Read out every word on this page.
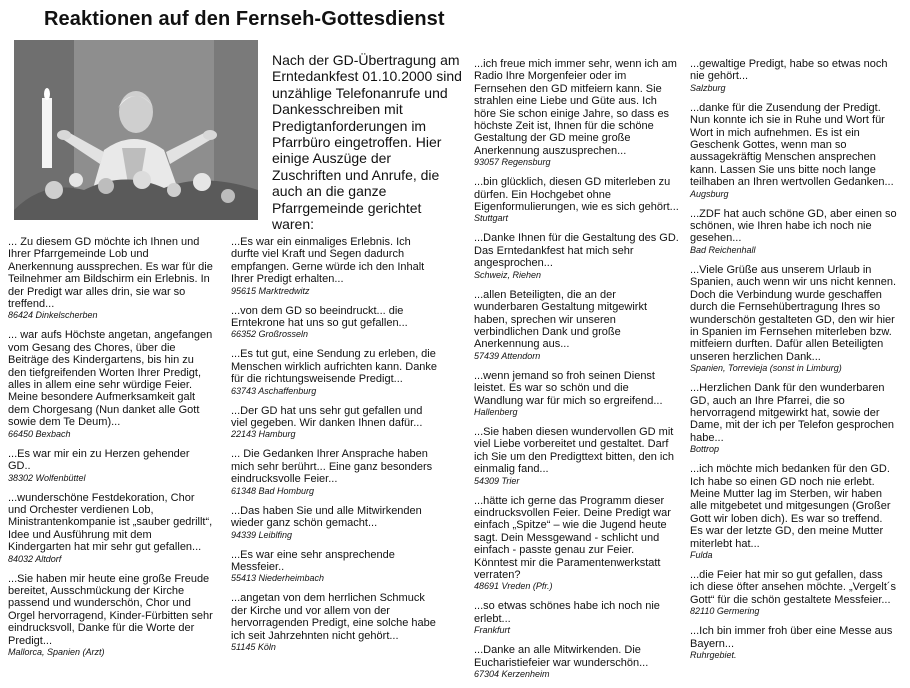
Reaktionen auf den Fernseh-Gottesdienst
Nach der GD-Übertragung am Erntedankfest 01.10.2000 sind unzählige Telefonanrufe und Dankesschreiben mit Predigtanforderungen im Pfarrbüro eingetroffen. Hier einige Auszüge der Zuschriften und Anrufe, die auch an die ganze Pfarrgemeinde gerichtet waren:
... Zu diesem GD möchte ich Ihnen und Ihrer Pfarrgemeinde Lob und Anerkennung aussprechen. Es war für die Teilnehmer am Bildschirm ein Erlebnis. In der Predigt war alles drin, sie war so treffend...
86424 Dinkelscherben
... war aufs Höchste angetan, angefangen vom Gesang des Chores, über die Beiträge des Kindergartens, bis hin zu den tiefgreifenden Worten Ihrer Predigt, alles in allem eine sehr würdige Feier. Meine besondere Aufmerksamkeit galt dem Chorgesang (Nun danket alle Gott sowie dem Te Deum)...
66450 Bexbach
...Es war mir ein zu Herzen gehender GD..
38302 Wolfenbüttel
...wunderschöne Festdekoration, Chor und Orchester verdienen Lob, Ministrantenkompanie ist „sauber gedrillt“, Idee und Ausführung mit dem Kindergarten hat mir sehr gut gefallen...
84032 Altdorf
...Sie haben mir heute eine große Freude bereitet, Ausschmückung der Kirche passend und wunderschön, Chor und Orgel hervorragend, Kinder-Fürbitten sehr eindrucksvoll, Danke für die Worte der Predigt...
Mallorca, Spanien (Arzt)
...Es war ein einmaliges Erlebnis. Ich durfte viel Kraft und Segen dadurch empfangen. Gerne würde ich den Inhalt Ihrer Predigt erhalten...
95615 Marktredwitz
...von dem GD so beeindruckt... die Erntekrone hat uns so gut gefallen...
66352 Großrosseln
...Es tut gut, eine Sendung zu erleben, die Menschen wirklich aufrichten kann. Danke für die richtungsweisende Predigt...
63743 Aschaffenburg
...Der GD hat uns sehr gut gefallen und viel gegeben. Wir danken Ihnen dafür...
22143 Hamburg
... Die Gedanken Ihrer Ansprache haben mich sehr berührt... Eine ganz besonders eindrucksvolle Feier...
61348 Bad Homburg
...Das haben Sie und alle Mitwirkenden wieder ganz schön gemacht...
94339 Leiblfing
...Es war eine sehr ansprechende Messfeier..
55413 Niederheimbach
...angetan von dem herrlichen Schmuck der Kirche und vor allem von der hervorragenden Predigt, eine solche habe ich seit Jahrzehnten nicht gehört...
51145 Köln
...ich freue mich immer sehr, wenn ich am Radio Ihre Morgenfeier oder im Fernsehen den GD mitfeiern kann. Sie strahlen eine Liebe und Güte aus. Ich höre Sie schon einige Jahre, so dass es höchste Zeit ist, Ihnen für die schöne Gestaltung der GD meine große Anerkennung auszusprechen...
93057 Regensburg
...bin glücklich, diesen GD miterleben zu dürfen. Ein Hochgebet ohne Eigenformulierungen, wie es sich gehört...
Stuttgart
...Danke Ihnen für die Gestaltung des GD. Das Erntedankfest hat mich sehr angesprochen...
Schweiz, Riehen
...allen Beteiligten, die an der wunderbaren Gestaltung mitgewirkt haben, sprechen wir unseren verbindlichen Dank und große Anerkennung aus...
57439 Attendorn
...wenn jemand so froh seinen Dienst leistet. Es war so schön und die Wandlung war für mich so ergreifend...
Hallenberg
...Sie haben diesen wundervollen GD mit viel Liebe vorbereitet und gestaltet. Darf ich Sie um den Predigttext bitten, den ich einmalig fand...
54309 Trier
...hätte ich gerne das Programm dieser eindrucksvollen Feier. Deine Predigt war einfach „Spitze“ – wie die Jugend heute sagt. Dein Messgewand - schlicht und einfach - passte genau zur Feier. Könntest mir die Paramentenwerkstatt verraten?
48691 Vreden (Pfr.)
...so etwas schönes habe ich noch nie erlebt...
Frankfurt
...Danke an alle Mitwirkenden. Die Eucharistiefeier war wunderschön...
67304 Kerzenheim
...gewaltige Predigt, habe so etwas noch nie gehört...
Salzburg
...danke für die Zusendung der Predigt. Nun konnte ich sie in Ruhe und Wort für Wort in mich aufnehmen. Es ist ein Geschenk Gottes, wenn man so aussagekräftig Menschen ansprechen kann. Lassen Sie uns bitte noch lange teilhaben an Ihren wertvollen Gedanken...
Augsburg
...ZDF hat auch schöne GD, aber einen so schönen, wie Ihren habe ich noch nie gesehen...
Bad Reichenhall
...Viele Grüße aus unserem Urlaub in Spanien, auch wenn wir uns nicht kennen. Doch die Verbindung wurde geschaffen durch die Fernsehübertragung Ihres so wunderschön gestalteten GD, den wir hier in Spanien im Fernsehen miterleben bzw. mitfeiern durften. Dafür allen Beteiligten unseren herzlichen Dank...
Spanien, Torrevieja (sonst in Limburg)
...Herzlichen Dank für den wunderbaren GD, auch an Ihre Pfarrei, die so hervorragend mitgewirkt hat, sowie der Dame, mit der ich per Telefon gesprochen habe...
Bottrop
...ich möchte mich bedanken für den GD. Ich habe so einen GD noch nie erlebt. Meine Mutter lag im Sterben, wir haben alle mitgebetet und mitgesungen (Großer Gott wir loben dich). Es war so treffend. Es war der letzte GD, den meine Mutter miterlebt hat...
Fulda
...die Feier hat mir so gut gefallen, dass ich diese öfter ansehen möchte. „Vergelt´s Gott“ für die schön gestaltete Messfeier...
82110 Germering
...Ich bin immer froh über eine Messe aus Bayern...
Ruhrgebiet.
